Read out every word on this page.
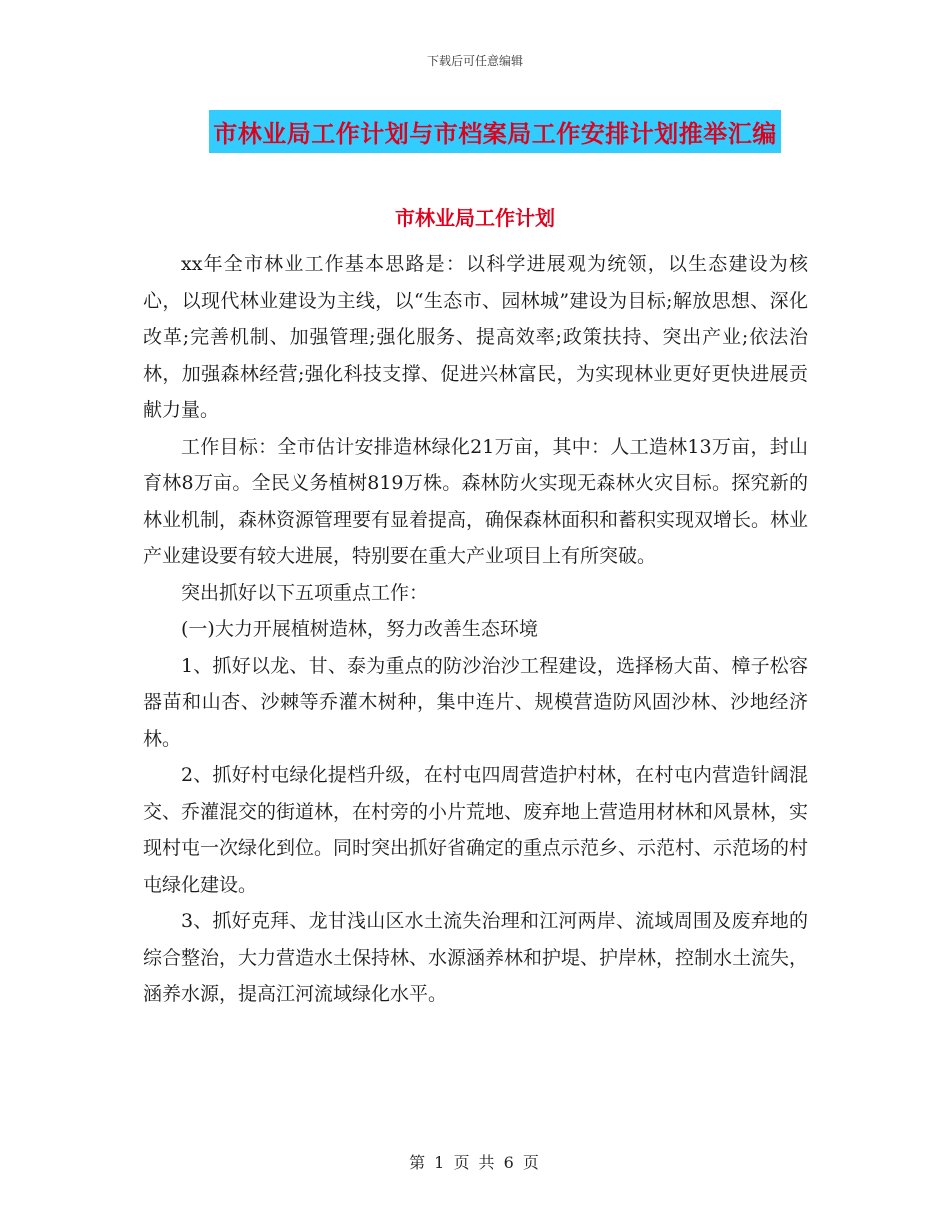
下载后可任意编辑
市林业局工作计划与市档案局工作安排计划推举汇编
市林业局工作计划

xx年全市林业工作基本思路是：以科学进展观为统领，以生态建设为核心，以现代林业建设为主线，以“生态市、园林城”建设为目标;解放思想、深化改革;完善机制、加强管理;强化服务、提高效率;政策扶持、突出产业;依法治林，加强森林经营;强化科技支撑、促进兴林富民，为实现林业更好更快进展贡献力量。

工作目标：全市估计安排造林绿化21万亩，其中：人工造林13万亩，封山育林8万亩。全民义务植树819万株。森林防火实现无森林火灾目标。探究新的林业机制，森林资源管理要有显着提高，确保森林面积和蓄积实现双增长。林业产业建设要有较大进展，特别要在重大产业项目上有所突破。

突出抓好以下五项重点工作：

(一)大力开展植树造林，努力改善生态环境

1、抓好以龙、甘、泰为重点的防沙治沙工程建设，选择杨大苗、樟子松容器苗和山杏、沙棘等乔灌木树种，集中连片、规模营造防风固沙林、沙地经济林。

2、抓好村屯绿化提档升级，在村屯四周营造护村林，在村屯内营造针阔混交、乔灌混交的街道林，在村旁的小片荒地、废弃地上营造用材林和风景林，实现村屯一次绿化到位。同时突出抓好省确定的重点示范乡、示范村、示范场的村屯绿化建设。

3、抓好克拜、龙甘浅山区水土流失治理和江河两岸、流域周围及废弃地的综合整治，大力营造水土保持林、水源涵养林和护堤、护岸林，控制水土流失，涵养水源，提高江河流域绿化水平。

第 1 页 共 6 页
